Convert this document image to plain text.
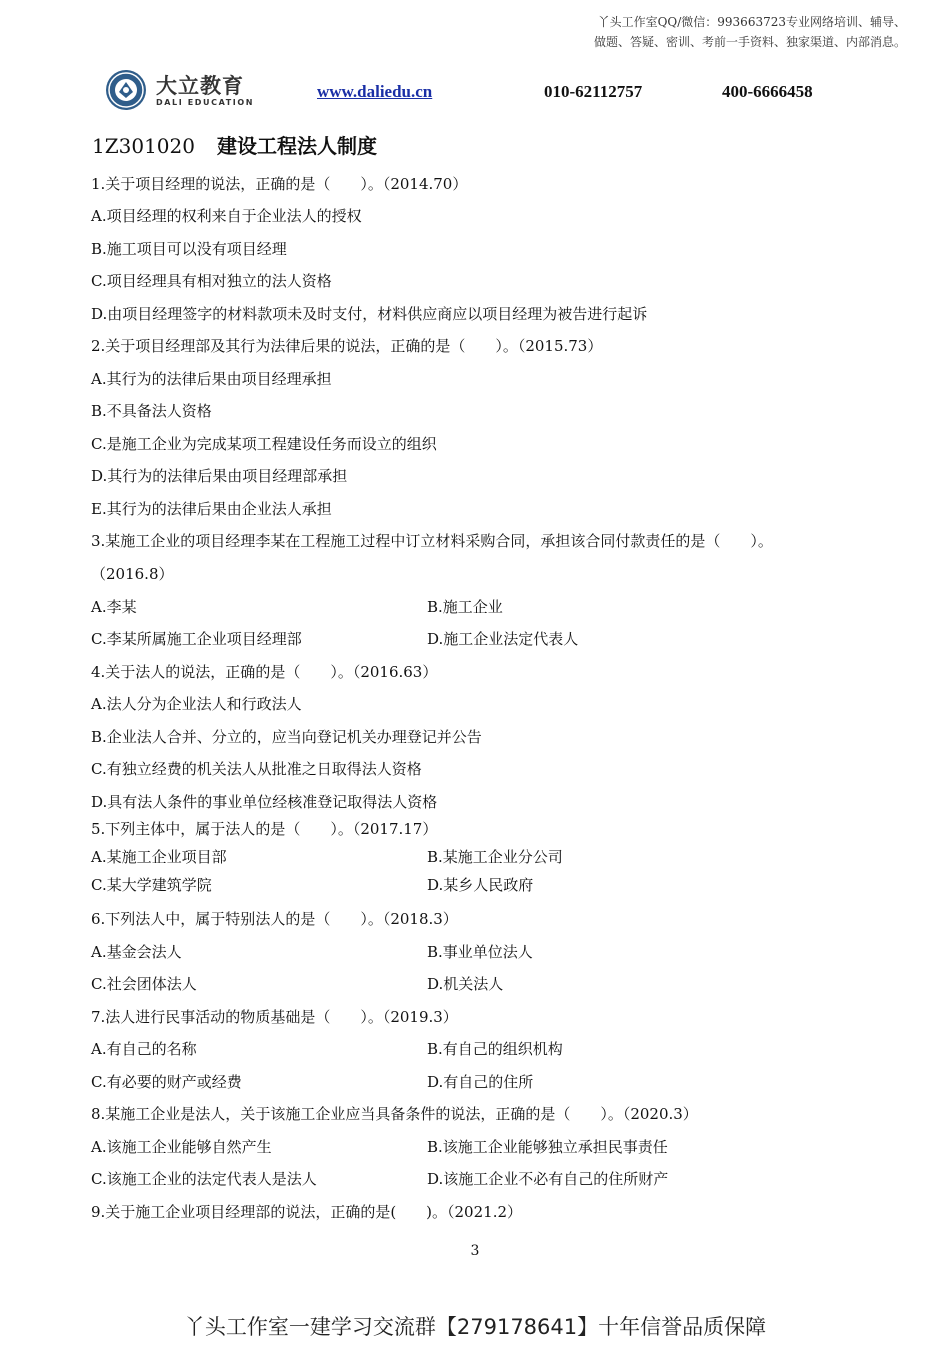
丫头工作室QQ/微信：993663723专业网络培训、辅导、
做题、答疑、密训、考前一手资料、独家渠道、内部消息。
大立教育
DALI EDUCATION
www.daliedu.cn	010-62112757	400-6666458
1Z301020 建设工程法人制度
1.关于项目经理的说法，正确的是（　　）。（2014.70）
A.项目经理的权利来自于企业法人的授权
B.施工项目可以没有项目经理
C.项目经理具有相对独立的法人资格
D.由项目经理签字的材料款项未及时支付，材料供应商应以项目经理为被告进行起诉
2.关于项目经理部及其行为法律后果的说法，正确的是（　　）。（2015.73）
A.其行为的法律后果由项目经理承担
B.不具备法人资格
C.是施工企业为完成某项工程建设任务而设立的组织
D.其行为的法律后果由项目经理部承担
E.其行为的法律后果由企业法人承担
3.某施工企业的项目经理李某在工程施工过程中订立材料采购合同，承担该合同付款责任的是（　　）。
（2016.8）
A.李某	B.施工企业
C.李某所属施工企业项目经理部	D.施工企业法定代表人
4.关于法人的说法，正确的是（　　）。（2016.63）
A.法人分为企业法人和行政法人
B.企业法人合并、分立的，应当向登记机关办理登记并公告
C.有独立经费的机关法人从批准之日取得法人资格
D.具有法人条件的事业单位经核准登记取得法人资格
5.下列主体中，属于法人的是（　　）。（2017.17）
A.某施工企业项目部	B.某施工企业分公司
C.某大学建筑学院	D.某乡人民政府
6.下列法人中，属于特别法人的是（　　）。（2018.3）
A.基金会法人	B.事业单位法人
C.社会团体法人	D.机关法人
7.法人进行民事活动的物质基础是（　　）。（2019.3）
A.有自己的名称	B.有自己的组织机构
C.有必要的财产或经费	D.有自己的住所
8.某施工企业是法人，关于该施工企业应当具备条件的说法，正确的是（　　）。（2020.3）
A.该施工企业能够自然产生	B.该施工企业能够独立承担民事责任
C.该施工企业的法定代表人是法人	D.该施工企业不必有自己的住所财产
9.关于施工企业项目经理部的说法，正确的是(　　)。（2021.2）
3
丫头工作室一建学习交流群【279178641】十年信誉品质保障
